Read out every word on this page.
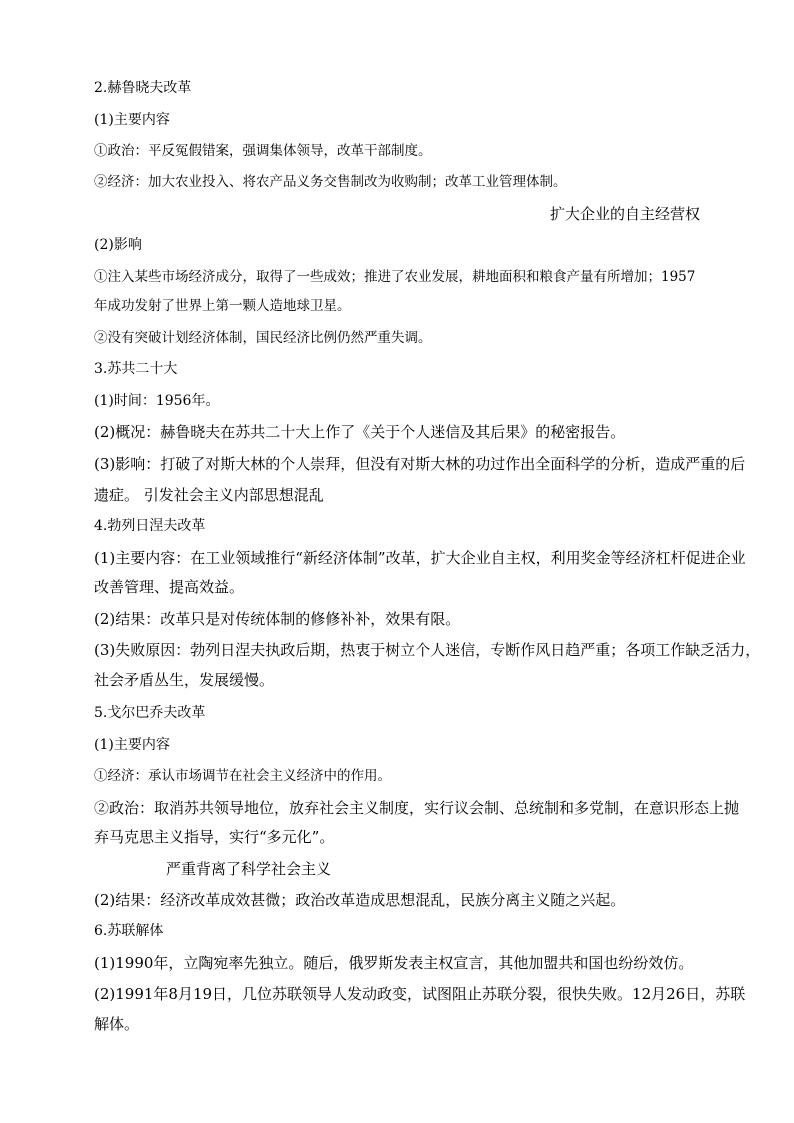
2.赫鲁晓夫改革
(1)主要内容
①政治：平反冤假错案，强调集体领导，改革干部制度。
②经济：加大农业投入、将农产品义务交售制改为收购制；改革工业管理体制。
扩大企业的自主经营权
(2)影响
①注入某些市场经济成分，取得了一些成效；推进了农业发展，耕地面积和粮食产量有所增加；1957
年成功发射了世界上第一颗人造地球卫星。
②没有突破计划经济体制，国民经济比例仍然严重失调。
3.苏共二十大
(1)时间：1956年。
(2)概况：赫鲁晓夫在苏共二十大上作了《关于个人迷信及其后果》的秘密报告。
(3)影响：打破了对斯大林的个人崇拜，但没有对斯大林的功过作出全面科学的分析，造成严重的后
遗症。 引发社会主义内部思想混乱
4.勃列日涅夫改革
(1)主要内容：在工业领域推行“新经济体制”改革，扩大企业自主权，利用奖金等经济杠杆促进企业
改善管理、提高效益。
(2)结果：改革只是对传统体制的修修补补，效果有限。
(3)失败原因：勃列日涅夫执政后期，热衷于树立个人迷信，专断作风日趋严重；各项工作缺乏活力，
社会矛盾丛生，发展缓慢。
5.戈尔巴乔夫改革
(1)主要内容
①经济：承认市场调节在社会主义经济中的作用。
②政治：取消苏共领导地位，放弃社会主义制度，实行议会制、总统制和多党制，在意识形态上抛
弃马克思主义指导，实行“多元化”。
严重背离了科学社会主义
(2)结果：经济改革成效甚微；政治改革造成思想混乱，民族分离主义随之兴起。
6.苏联解体
(1)1990年，立陶宛率先独立。随后，俄罗斯发表主权宣言，其他加盟共和国也纷纷效仿。
(2)1991年8月19日，几位苏联领导人发动政变，试图阻止苏联分裂，很快失败。12月26日，苏联
解体。
